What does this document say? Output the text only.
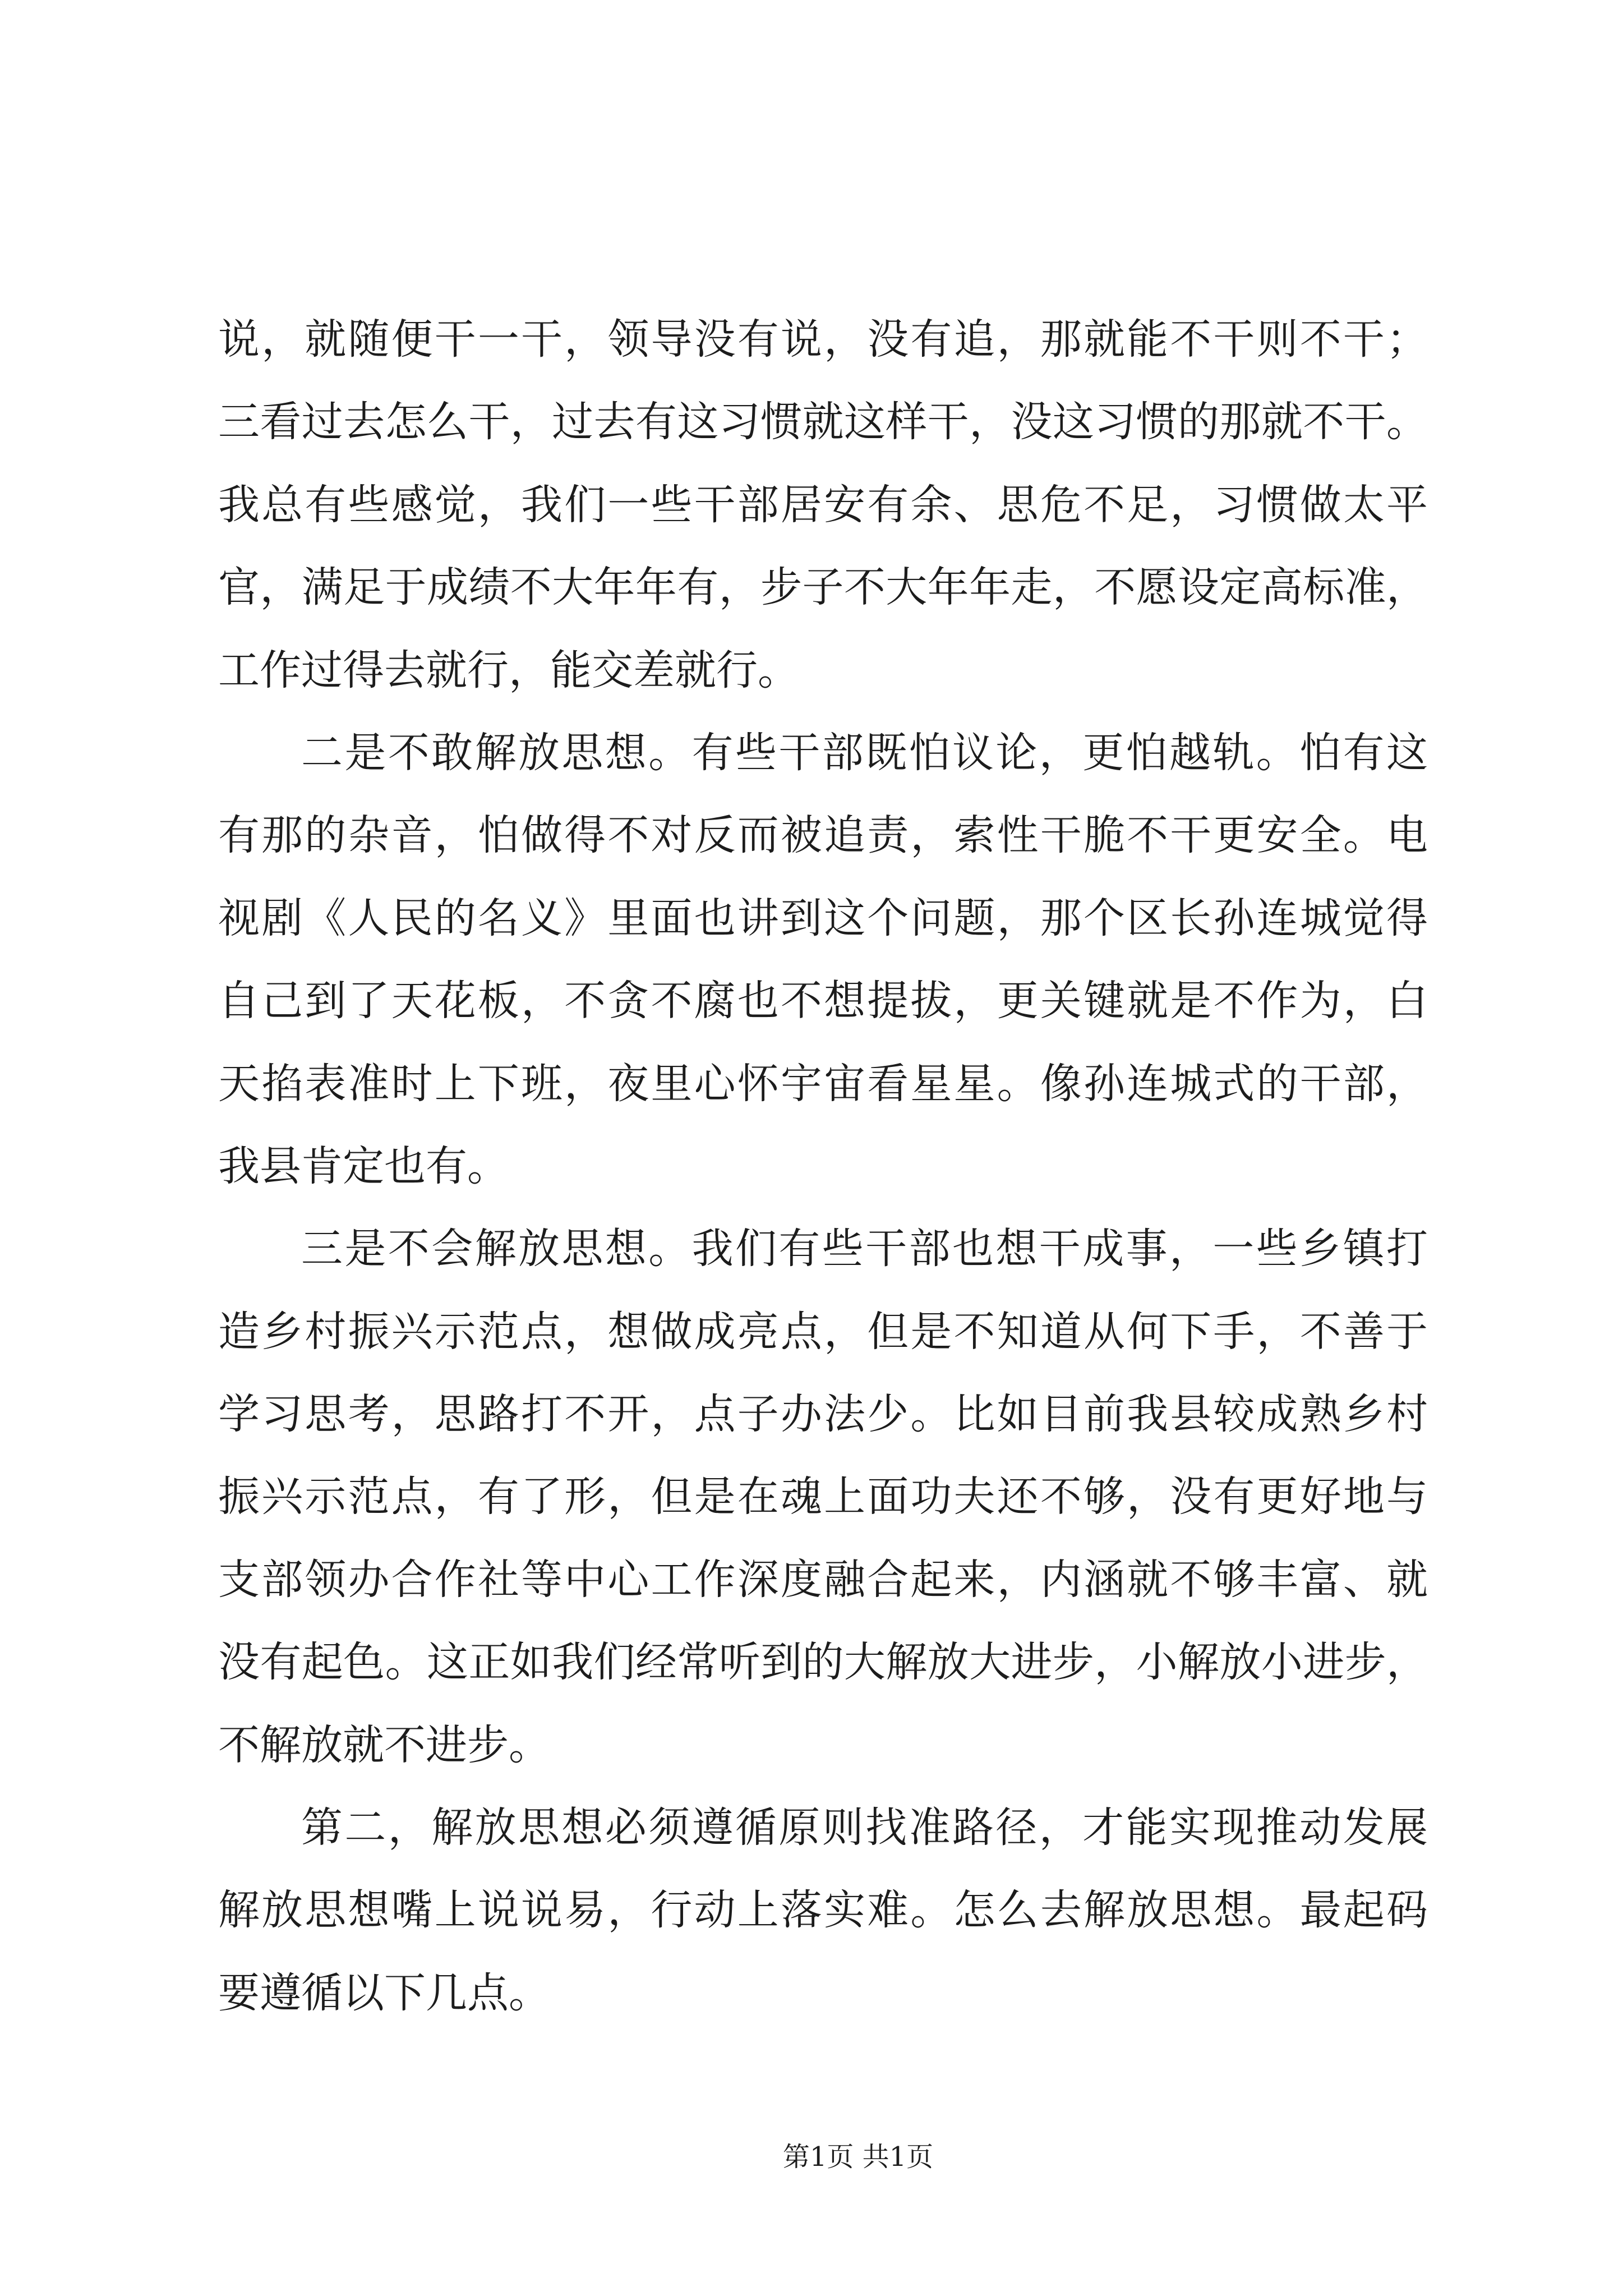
说，就随便干一干，领导没有说，没有追，那就能不干则不干；
三看过去怎么干，过去有这习惯就这样干，没这习惯的那就不干。
我总有些感觉，我们一些干部居安有余、思危不足，习惯做太平
官，满足于成绩不大年年有，步子不大年年走，不愿设定高标准，
工作过得去就行，能交差就行。
二是不敢解放思想。有些干部既怕议论，更怕越轨。怕有这
有那的杂音，怕做得不对反而被追责，索性干脆不干更安全。电
视剧《人民的名义》里面也讲到这个问题，那个区长孙连城觉得
自己到了天花板，不贪不腐也不想提拔，更关键就是不作为，白
天掐表准时上下班，夜里心怀宇宙看星星。像孙连城式的干部，
我县肯定也有。
三是不会解放思想。我们有些干部也想干成事，一些乡镇打
造乡村振兴示范点，想做成亮点，但是不知道从何下手，不善于
学习思考，思路打不开，点子办法少。比如目前我县较成熟乡村
振兴示范点，有了形，但是在魂上面功夫还不够，没有更好地与
支部领办合作社等中心工作深度融合起来，内涵就不够丰富、就
没有起色。这正如我们经常听到的大解放大进步，小解放小进步，
不解放就不进步。
第二，解放思想必须遵循原则找准路径，才能实现推动发展
解放思想嘴上说说易，行动上落实难。怎么去解放思想。最起码
要遵循以下几点。
第1页 共1页
